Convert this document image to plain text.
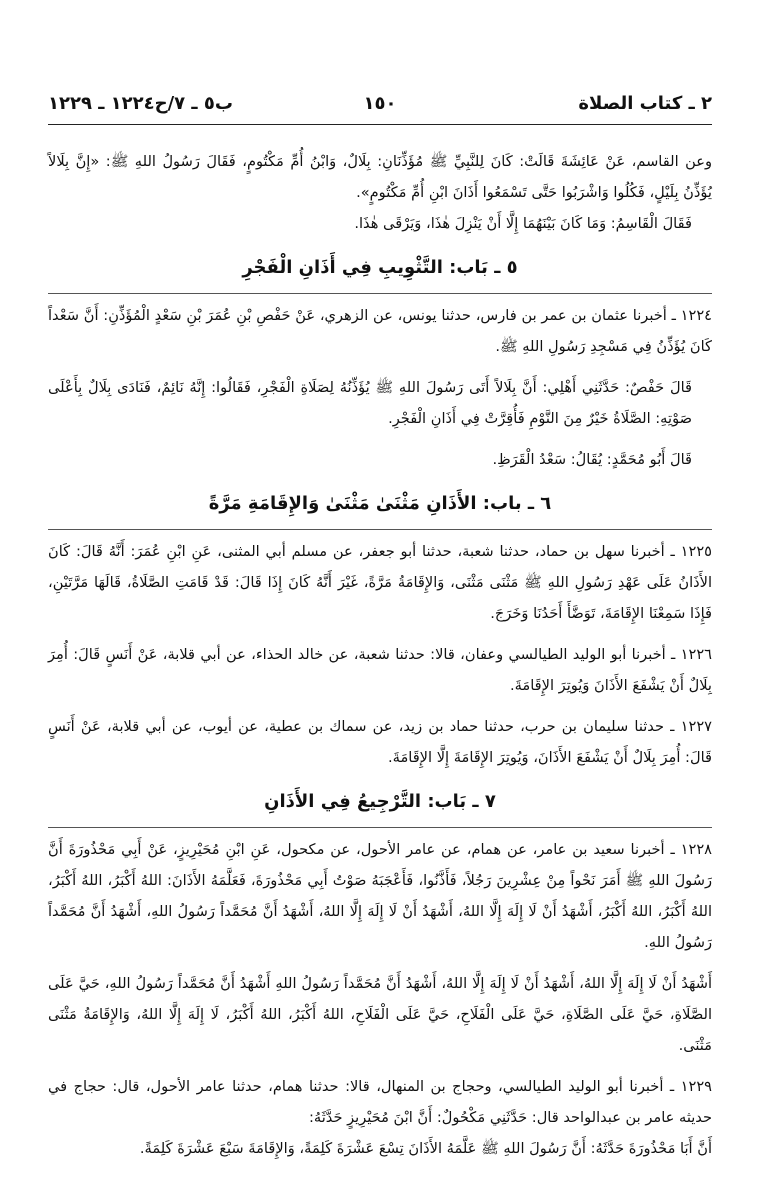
٢ ـ كتاب الصلاة
١٥٠
ب٥ ـ ٧/ح١٢٢٤ ـ ١٢٢٩

وعن القاسم، عَنْ عَائِشَةَ قَالَتْ: كَانَ لِلنَّبِيِّ ﷺ مُؤَذِّنَانِ: بِلَالٌ، وَابْنُ أُمِّ مَكْتُومٍ، فَقَالَ رَسُولُ اللهِ ﷺ: «إِنَّ بِلَالاً يُؤَذِّنُ بِلَيْلٍ، فَكُلُوا وَاشْرَبُوا حَتَّى تَسْمَعُوا أَذَانَ ابْنِ أُمِّ مَكْتُومٍ».

فَقَالَ الْقَاسِمُ: وَمَا كَانَ بَيْنَهُمَا إِلَّا أَنْ يَنْزِلَ هٰذَا، وَيَرْقَى هٰذَا.

٥ ـ بَاب: التَّثْوِيبِ فِي أَذَانِ الْفَجْرِ

١٢٢٤ ـ أخبرنا عثمان بن عمر بن فارس، حدثنا يونس، عن الزهري، عَنْ حَفْصِ بْنِ عُمَرَ بْنِ سَعْدٍ الْمُؤَذِّنِ: أَنَّ سَعْداً كَانَ يُؤَذِّنُ فِي مَسْجِدِ رَسُولِ اللهِ ﷺ.

قَالَ حَفْصٌ: حَدَّثَنِي أَهْلِي: أَنَّ بِلَالاً أَتَى رَسُولَ اللهِ ﷺ يُؤَذِّنُهُ لِصَلَاةِ الْفَجْرِ، فَقَالُوا: إِنَّهُ نَائِمٌ، فَنَادَى بِلَالٌ بِأَعْلَى صَوْتِهِ: الصَّلَاةُ خَيْرٌ مِنَ النَّوْمِ فَأُقِرَّتْ فِي أَذَانِ الْفَجْرِ.

قَالَ أَبُو مُحَمَّدٍ: يُقَالُ: سَعْدُ الْقَرَظِ.

٦ ـ باب: الأَذَانِ مَثْنَىٰ مَثْنَىٰ وَالإِقَامَةِ مَرَّةً

١٢٢٥ ـ أخبرنا سهل بن حماد، حدثنا شعبة، حدثنا أبو جعفر، عن مسلم أبي المثنى، عَنِ ابْنِ عُمَرَ: أَنَّهُ قَالَ: كَانَ الأَذَانُ عَلَى عَهْدِ رَسُولِ اللهِ ﷺ مَثْنَى مَثْنَى، وَالإِقَامَةُ مَرَّةً، غَيْرَ أَنَّهُ كَانَ إِذَا قَالَ: قَدْ قَامَتِ الصَّلَاةُ، قَالَهَا مَرَّتَيْنِ، فَإِذَا سَمِعْنَا الإِقَامَةَ، تَوَضَّأَ أَحَدُنَا وَخَرَجَ.

١٢٢٦ ـ أخبرنا أبو الوليد الطيالسي وعفان، قالا: حدثنا شعبة، عن خالد الحذاء، عن أبي قلابة، عَنْ أَنَسٍ قَالَ: أُمِرَ بِلَالٌ أَنْ يَشْفَعَ الأَذَانَ وَيُوتِرَ الإِقَامَةَ.

١٢٢٧ ـ حدثنا سليمان بن حرب، حدثنا حماد بن زيد، عن سماك بن عطية، عن أيوب، عن أبي قلابة، عَنْ أَنَسٍ قَالَ: أُمِرَ بِلَالٌ أَنْ يَشْفَعَ الأَذَانَ، وَيُوتِرَ الإِقَامَةَ إِلَّا الإِقَامَةَ.

٧ ـ بَاب: التَّرْجِيعُ فِي الأَذَانِ

١٢٢٨ ـ أخبرنا سعيد بن عامر، عن همام، عن عامر الأحول، عن مكحول، عَنِ ابْنِ مُحَيْرِيزٍ، عَنْ أَبِي مَحْذُورَةَ أَنَّ رَسُولَ اللهِ ﷺ أَمَرَ نَحْواً مِنْ عِشْرِينَ رَجُلاً، فَأَذَّنُوا، فَأَعْجَبَهُ صَوْتُ أَبِي مَحْذُورَةَ، فَعَلَّمَهُ الأَذَانَ: اللهُ أَكْبَرُ، اللهُ أَكْبَرُ، اللهُ أَكْبَرُ، اللهُ أَكْبَرُ، أَشْهَدُ أَنْ لَا إِلَهَ إِلَّا اللهُ، أَشْهَدُ أَنْ لَا إِلَهَ إِلَّا اللهُ، أَشْهَدُ أَنَّ مُحَمَّداً رَسُولُ اللهِ، أَشْهَدُ أَنَّ مُحَمَّداً رَسُولُ اللهِ.

أَشْهَدُ أَنْ لَا إِلَهَ إِلَّا اللهُ، أَشْهَدُ أَنْ لَا إِلَهَ إِلَّا اللهُ، أَشْهَدُ أَنَّ مُحَمَّداً رَسُولُ اللهِ أَشْهَدُ أَنَّ مُحَمَّداً رَسُولُ اللهِ، حَيَّ عَلَى الصَّلَاةِ، حَيَّ عَلَى الصَّلَاةِ، حَيَّ عَلَى الْفَلَاحِ، حَيَّ عَلَى الْفَلَاحِ، اللهُ أَكْبَرُ، اللهُ أَكْبَرُ، لَا إِلَهَ إِلَّا اللهُ، وَالإِقَامَةُ مَثْنَى مَثْنَى.

١٢٢٩ ـ أخبرنا أبو الوليد الطيالسي، وحجاج بن المنهال، قالا: حدثنا همام، حدثنا عامر الأحول، قال: حجاج في حديثه عامر بن عبدالواحد قال: حَدَّثَنِي مَكْحُولٌ: أَنَّ ابْنَ مُحَيْرِيزٍ حَدَّثَهُ:

أَنَّ أَبَا مَحْذُورَةَ حَدَّثَهُ: أَنَّ رَسُولَ اللهِ ﷺ عَلَّمَهُ الأَذَانَ تِسْعَ عَشْرَةَ كَلِمَةً، وَالإِقَامَةَ سَبْعَ عَشْرَةَ كَلِمَةً.
